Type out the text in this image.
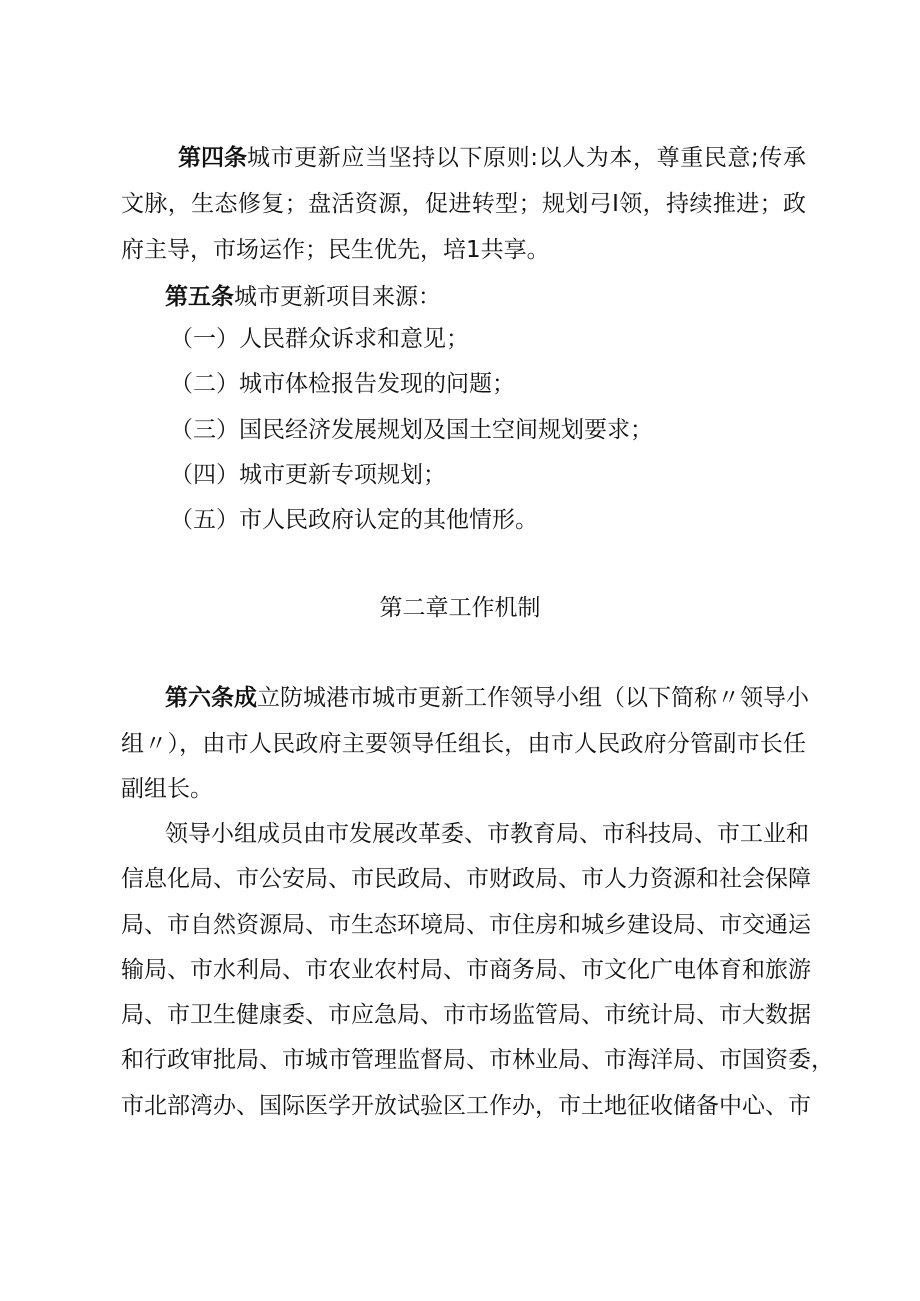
第四条 城市更新应当坚持以下原则:以人为本，尊重民意;传承
文脉，生态修复；盘活资源，促进转型；规划弓I领，持续推进；政
府主导，市场运作；民生优先，培1共享。
第五条城市更新项目来源：
（一）人民群众诉求和意见；
（二）城市体检报告发现的问题；
（三）国民经济发展规划及国土空间规划要求；
（四）城市更新专项规划；
（五）市人民政府认定的其他情形。
第二章工作机制
第六条成 立防城港市城市更新工作领导小组（以下简称〃领导小
组〃），由市人民政府主要领导任组长，由市人民政府分管副市长任
副组长。
领导小组成员由市发展改革委、市教育局、市科技局、市工业和
信息化局、市公安局、市民政局、市财政局、市人力资源和社会保障
局、市自然资源局、市生态环境局、市住房和城乡建设局、市交通运
输局、市水利局、市农业农村局、市商务局、市文化广电体育和旅游
局、市卫生健康委、市应急局、市市场监管局、市统计局、市大数据
和行政审批局、市城市管理监督局、市林业局、市海洋局、市国资委，
市北部湾办、国际医学开放试验区工作办，市土地征收储备中心、市
